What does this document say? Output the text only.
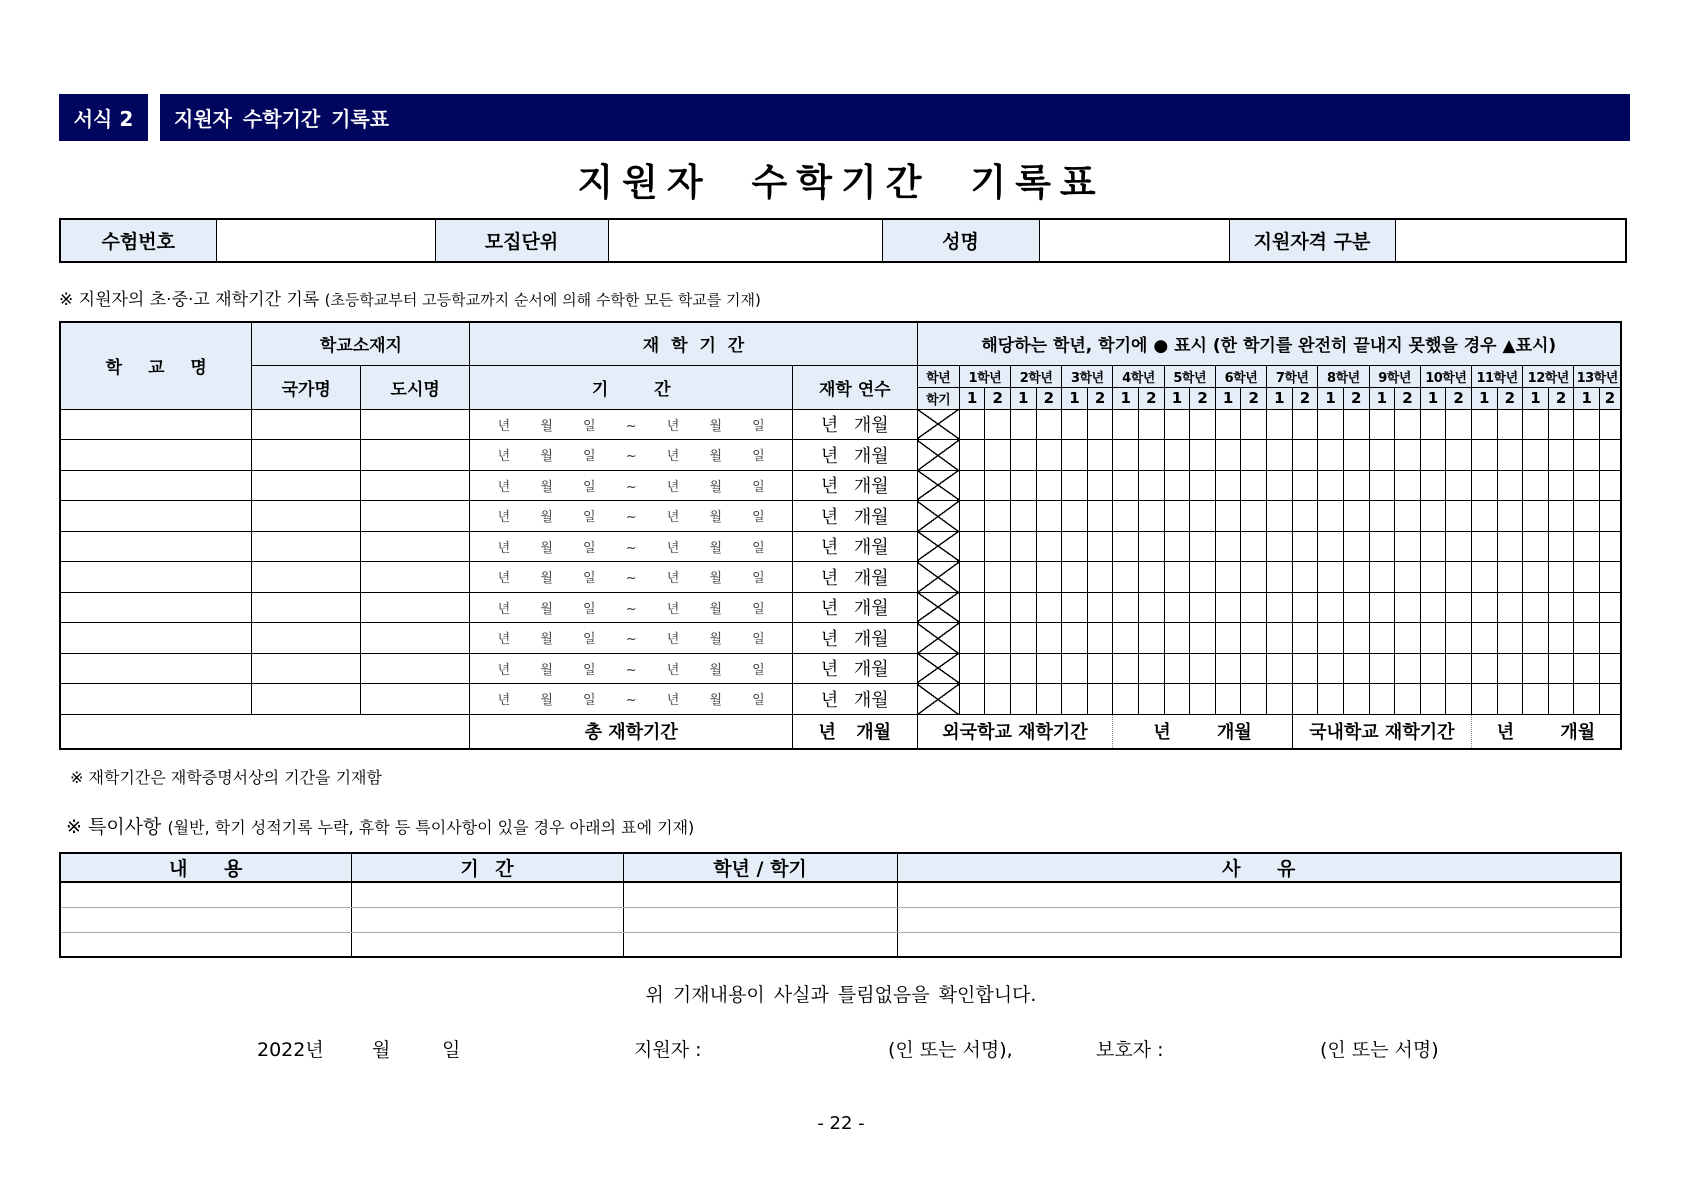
서식 2	지원자 수학기간 기록표
지원자 수학기간 기록표
수험번호		모집단위		성명		지원자격 구분	
※ 지원자의 초·중·고 재학기간 기록 (초등학교부터 고등학교까지 순서에 의해 수학한 모든 학교를 기재)
학 교 명	학교소재지		재 학 기 간		해당하는 학년, 학기에 ● 표시 (한 학기를 완전히 끝내지 못했을 경우 ▲표시)																										
	국가명	도시명	기 간	재학 연수	학년	1학년		2학년		3학년		4학년		5학년		6학년		7학년		8학년		9학년		10학년		11학년		12학년		13학년	
					학기	1	2	1	2	1	2	1	2	1	2	1	2	1	2	1	2	1	2	1	2	1	2	1	2	1	2
			년 월 일 ~ 년 월 일	년 개월																											
			년 월 일 ~ 년 월 일	년 개월																											
			년 월 일 ~ 년 월 일	년 개월																											
			년 월 일 ~ 년 월 일	년 개월																											
			년 월 일 ~ 년 월 일	년 개월																											
			년 월 일 ~ 년 월 일	년 개월																											
			년 월 일 ~ 년 월 일	년 개월																											
			년 월 일 ~ 년 월 일	년 개월																											
			년 월 일 ~ 년 월 일	년 개월																											
			년 월 일 ~ 년 월 일	년 개월																											
			총 재학기간	년 개월	외국학교 재학기간							년 개월							국내학교 재학기간							년 개월					
※ 재학기간은 재학증명서상의 기간을 기재함
※ 특이사항 (월반, 학기 성적기록 누락, 휴학 등 특이사항이 있을 경우 아래의 표에 기재)
내 용	기 간	학년 / 학기	사 유

위 기재내용이 사실과 틀림없음을 확인합니다.
2022년	월	일	지원자 :	(인 또는 서명),	보호자 :	(인 또는 서명)
- 22 -
